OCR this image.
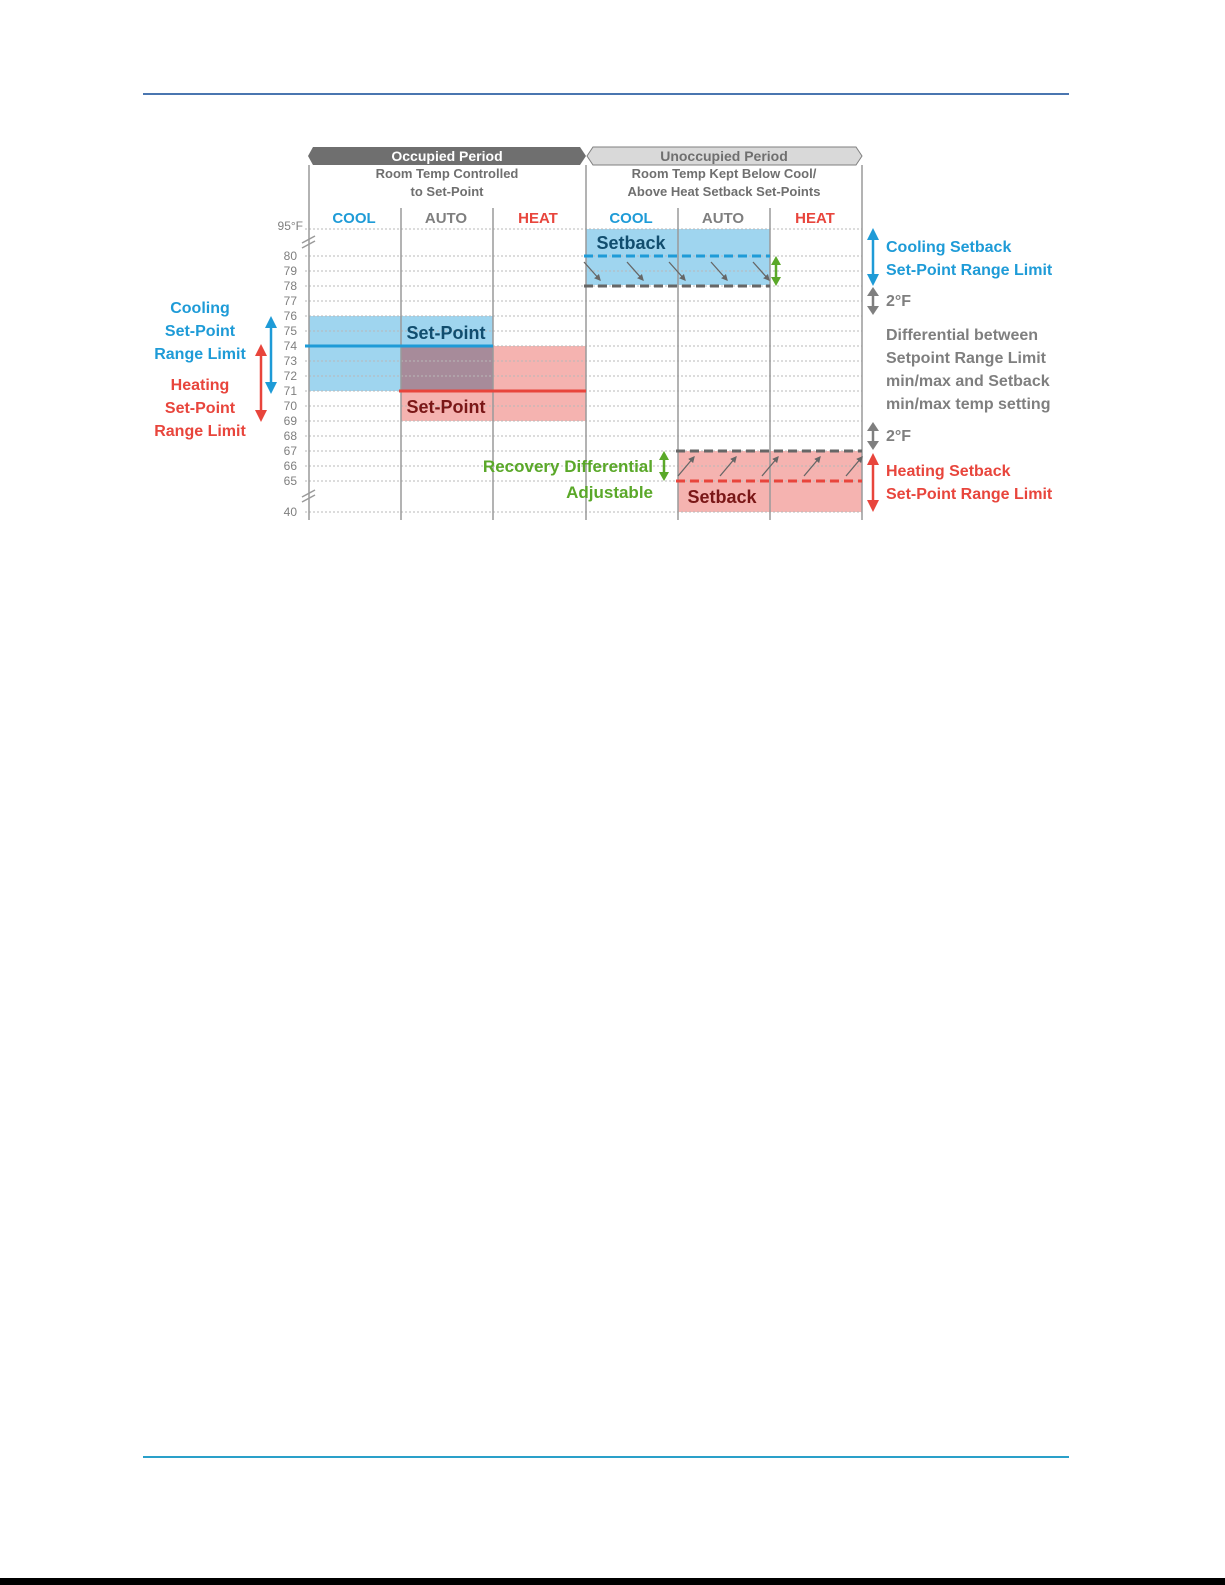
Occupied Period	Unoccupied Period
Room Temp Controlled
to Set-Point
Room Temp Kept Below Cool/
Above Heat Setback Set-Points
COOL	AUTO	HEAT	COOL	AUTO	HEAT
95°F
80
79
78
77
76
75
74
73
72
71
70
69
68
67
66
65
40
Set-Point
Set-Point
Setback
Setback
Cooling
Set-Point
Range Limit
Heating
Set-Point
Range Limit
Recovery Differential
Adjustable
Cooling Setback
Set-Point Range Limit
2°F
Differential between
Setpoint Range Limit
min/max and Setback
min/max temp setting
2°F
Heating Setback
Set-Point Range Limit
